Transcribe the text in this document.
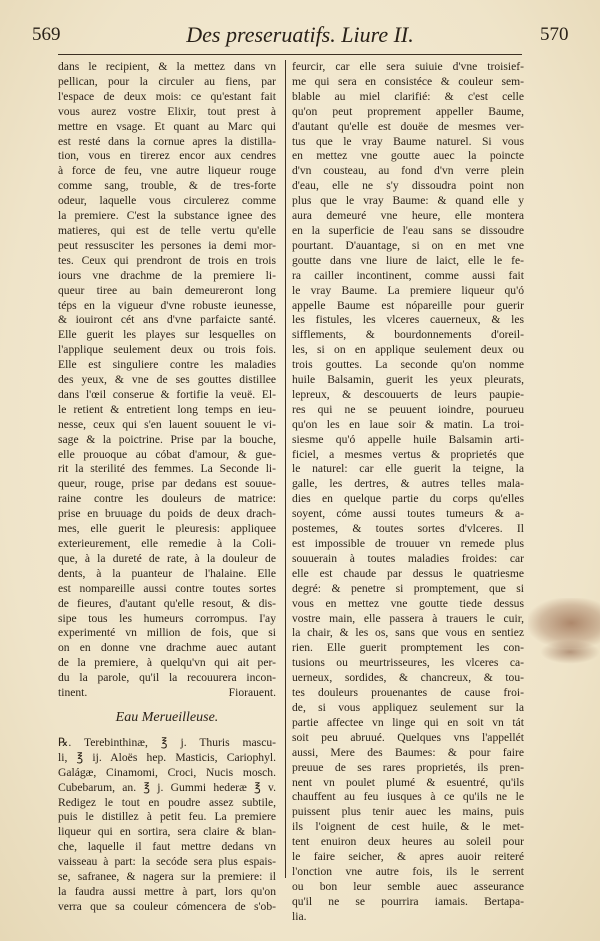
569	Des preseruatifs. Liure II.	570
dans le recipient, & la mettez dans vn
pellican, pour la circuler au fiens, par
l'espace de deux mois: ce qu'estant fait
vous aurez vostre Elixir, tout prest à
mettre en vsage. Et quant au Marc qui
est resté dans la cornue apres la distilla-
tion, vous en tirerez encor aux cendres
à force de feu, vne autre liqueur rouge
comme sang, trouble, & de tres-forte
odeur, laquelle vous circulerez comme
la premiere. C'est la substance ignee des
matieres, qui est de telle vertu qu'elle
peut ressusciter les persones ia demi mor-
tes. Ceux qui prendront de trois en trois
iours vne drachme de la premiere li-
queur tiree au bain demeureront long
téps en la vigueur d'vne robuste ieunesse,
& iouiront cét ans d'vne parfaicte santé.
Elle guerit les playes sur lesquelles on
l'applique seulement deux ou trois fois.
Elle est singuliere contre les maladies
des yeux, & vne de ses gouttes distillee
dans l'œil conserue & fortifie la veuë. El-
le retient & entretient long temps en ieu-
nesse, ceux qui s'en lauent souuent le vi-
sage & la poictrine. Prise par la bouche,
elle prouoque au cóbat d'amour, & gue-
rit la sterilité des femmes. La Seconde li-
queur, rouge, prise par dedans est souue-
raine contre les douleurs de matrice:
prise en bruuage du poids de deux drach-
mes, elle guerit le pleuresis: appliquee
exterieurement, elle remedie à la Coli-
que, à la dureté de rate, à la douleur de
dents, à la puanteur de l'halaine. Elle
est nompareille aussi contre toutes sortes
de fieures, d'autant qu'elle resout, & dis-
sipe tous les humeurs corrompus. I'ay
experimenté vn million de fois, que si
on en donne vne drachme auec autant
de la premiere, à quelqu'vn qui ait per-
du la parole, qu'il la recouurera incon-
tinent. Fiorauent.
Eau Merueilleuse.
℞. Terebinthinæ, ℥ j. Thuris mascu-
li, ℥ ij. Aloës hep. Masticis, Cariophyl.
Galágæ, Cinamomi, Croci, Nucis mosch.
Cubebarum, an. ℥ j. Gummi hederæ ℥ v.
Redigez le tout en poudre assez subtile,
puis le distillez à petit feu. La premiere
liqueur qui en sortira, sera claire & blan-
che, laquelle il faut mettre dedans vn
vaisseau à part: la secóde sera plus espais-
se, safranee, & nagera sur la premiere: il
la faudra aussi mettre à part, lors qu'on
verra que sa couleur cómencera de s'ob-
feurcir, car elle sera suiuie d'vne troisief-
me qui sera en consistéce & couleur sem-
blable au miel clarifié: & c'est celle
qu'on peut proprement appeller Baume,
d'autant qu'elle est douëe de mesmes ver-
tus que le vray Baume naturel. Si vous
en mettez vne goutte auec la poincte
d'vn cousteau, au fond d'vn verre plein
d'eau, elle ne s'y dissoudra point non
plus que le vray Baume: & quand elle y
aura demeuré vne heure, elle montera
en la superficie de l'eau sans se dissoudre
pourtant. D'auantage, si on en met vne
goutte dans vne liure de laict, elle le fe-
ra cailler incontinent, comme aussi fait
le vray Baume. La premiere liqueur qu'ó
appelle Baume est nópareille pour guerir
les fistules, les vlceres cauerneux, & les
sifflements, & bourdonnements d'oreil-
les, si on en applique seulement deux ou
trois gouttes. La seconde qu'on nomme
huile Balsamin, guerit les yeux pleurats,
lepreux, & descouuerts de leurs paupie-
res qui ne se peuuent ioindre, pourueu
qu'on les en laue soir & matin. La troi-
siesme qu'ó appelle huile Balsamin arti-
ficiel, a mesmes vertus & proprietés que
le naturel: car elle guerit la teigne, la
galle, les dertres, & autres telles mala-
dies en quelque partie du corps qu'elles
soyent, cóme aussi toutes tumeurs & a-
postemes, & toutes sortes d'vlceres. Il
est impossible de trouuer vn remede plus
souuerain à toutes maladies froides: car
elle est chaude par dessus le quatriesme
degré: & penetre si promptement, que si
vous en mettez vne goutte tiede dessus
vostre main, elle passera à trauers le cuir,
la chair, & les os, sans que vous en sentiez
rien. Elle guerit promptement les con-
tusions ou meurtrisseures, les vlceres ca-
uerneux, sordides, & chancreux, & tou-
tes douleurs prouenantes de cause froi-
de, si vous appliquez seulement sur la
partie affectee vn linge qui en soit vn tát
soit peu abruué. Quelques vns l'appellét
aussi, Mere des Baumes: & pour faire
preuue de ses rares proprietés, ils pren-
nent vn poulet plumé & esuentré, qu'ils
chauffent au feu iusques à ce qu'ils ne le
puissent plus tenir auec les mains, puis
ils l'oignent de cest huile, & le met-
tent enuiron deux heures au soleil pour
le faire seicher, & apres auoir reiteré
l'onction vne autre fois, ils le serrent
ou bon leur semble auec asseurance
qu'il ne se pourrira iamais. Bertapa-
lia.
